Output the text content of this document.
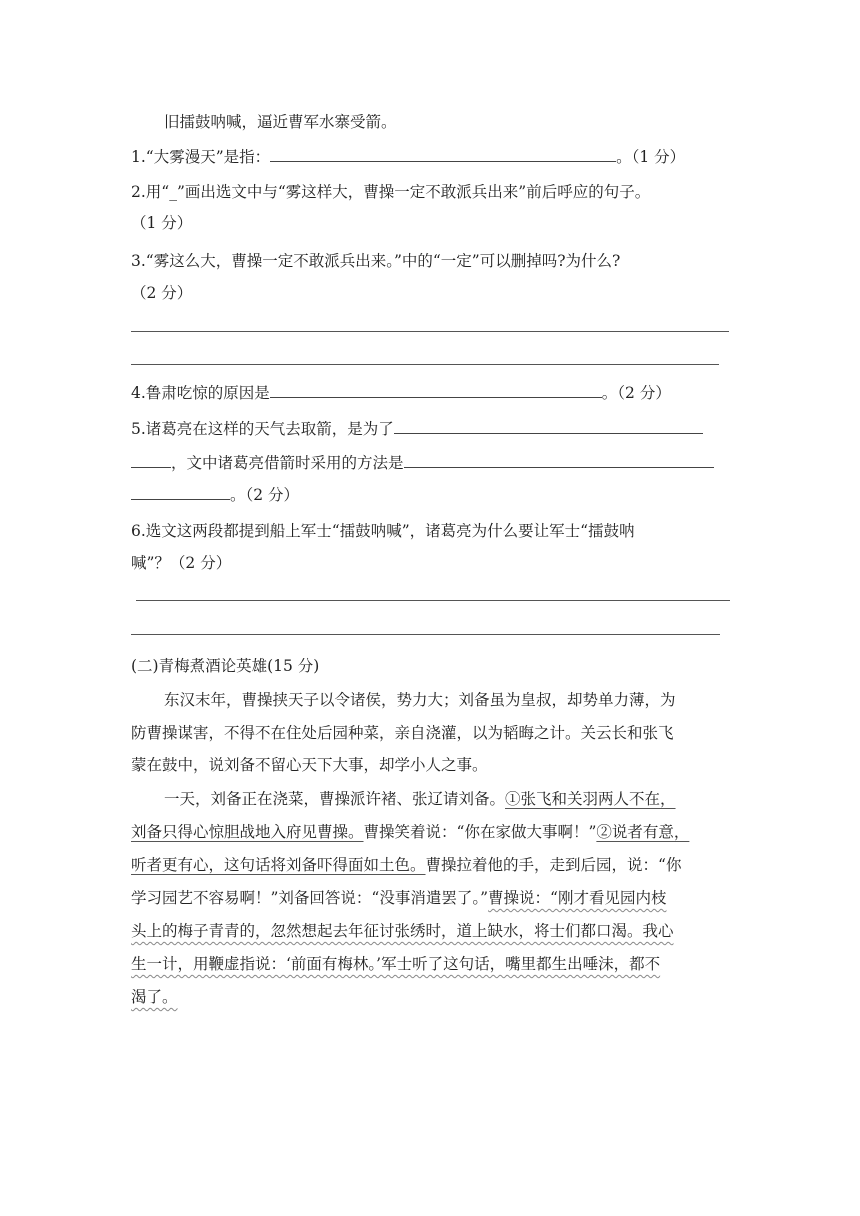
旧擂鼓呐喊，逼近曹军水寨受箭。
1.“大雾漫天”是指：	。（1 分）
2.用“_”画出选文中与“雾这样大，曹操一定不敢派兵出来”前后呼应的句子。
（1 分）
3.“雾这么大，曹操一定不敢派兵出来。”中的“一定”可以删掉吗?为什么?
（2 分）
4.鲁肃吃惊的原因是	。（2 分）
5.诸葛亮在这样的天气去取箭，是为了
，文中诸葛亮借箭时采用的方法是
。（2 分）
6.选文这两段都提到船上军士“擂鼓呐喊”，诸葛亮为什么要让军士“擂鼓呐
喊”？（2 分）
(二)青梅煮酒论英雄(15 分)
东汉末年，曹操挟天子以令诸侯，势力大；刘备虽为皇叔，却势单力薄，为
防曹操谋害，不得不在住处后园种菜，亲自浇灌，以为韬晦之计。关云长和张飞
蒙在鼓中，说刘备不留心天下大事，却学小人之事。
一天，刘备正在浇菜，曹操派许褚、张辽请刘备。①张飞和关羽两人不在，
刘备只得心惊胆战地入府见曹操。曹操笑着说：“你在家做大事啊！”②说者有意，
听者更有心，这句话将刘备吓得面如土色。曹操拉着他的手，走到后园，说：“你
学习园艺不容易啊！”刘备回答说：“没事消遣罢了。”曹操说：“刚才看见园内枝
头上的梅子青青的，忽然想起去年征讨张绣时，道上缺水，将士们都口渴。我心
生一计，用鞭虚指说：‘前面有梅林。’军士听了这句话，嘴里都生出唾沫，都不
渴了。
